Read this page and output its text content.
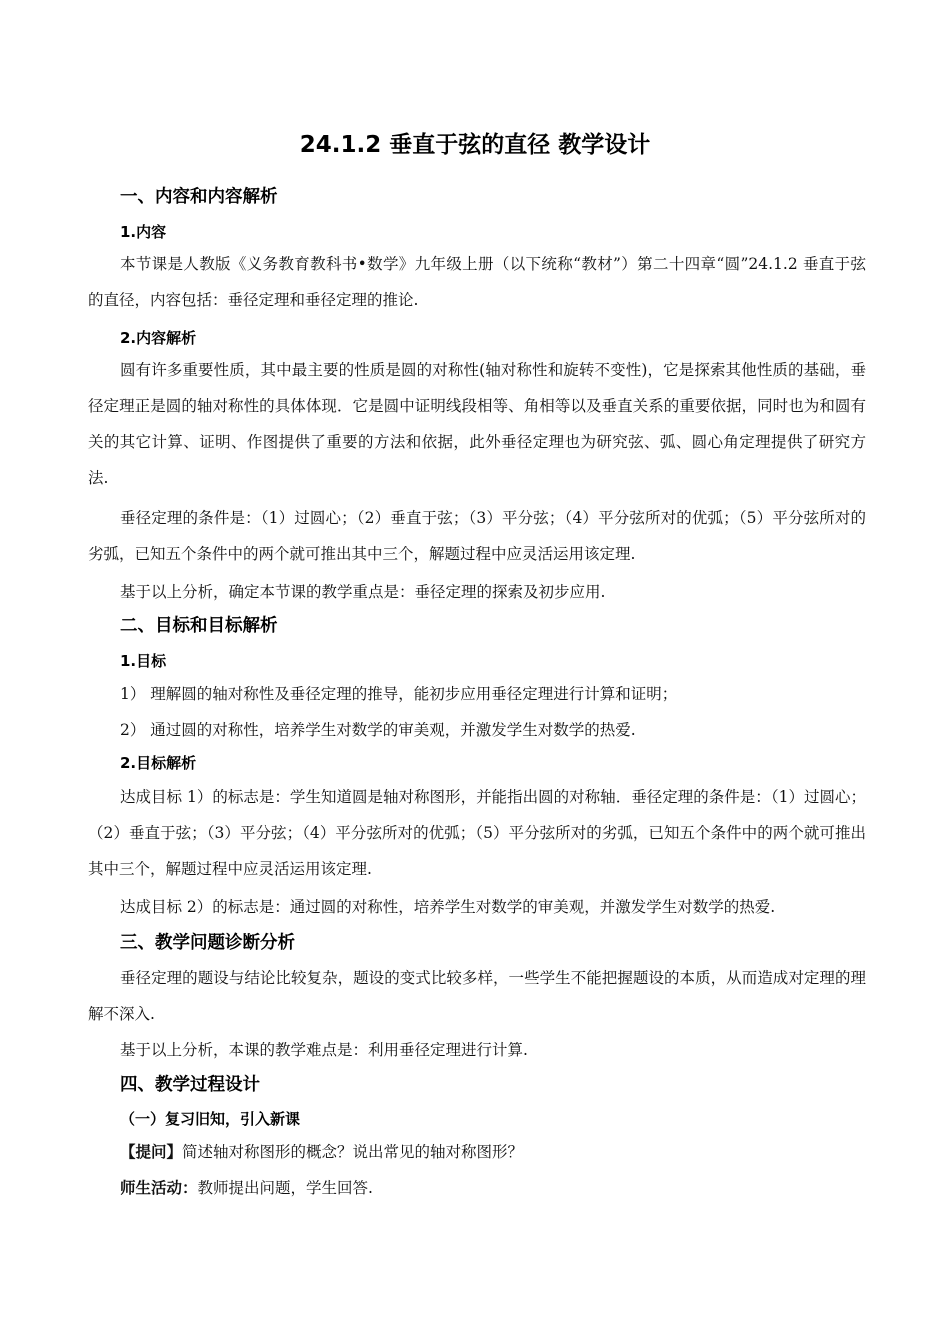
24.1.2 垂直于弦的直径 教学设计
一、内容和内容解析
1.内容
本节课是人教版《义务教育教科书•数学》九年级上册（以下统称“教材”）第二十四章“圆”24.1.2 垂直于弦的直径，内容包括：垂径定理和垂径定理的推论.
2.内容解析
圆有许多重要性质，其中最主要的性质是圆的对称性(轴对称性和旋转不变性)，它是探索其他性质的基础，垂径定理正是圆的轴对称性的具体体现．它是圆中证明线段相等、角相等以及垂直关系的重要依据，同时也为和圆有关的其它计算、证明、作图提供了重要的方法和依据，此外垂径定理也为研究弦、弧、圆心角定理提供了研究方法.
垂径定理的条件是：（1）过圆心；（2）垂直于弦；（3）平分弦；（4）平分弦所对的优弧；（5）平分弦所对的劣弧，已知五个条件中的两个就可推出其中三个，解题过程中应灵活运用该定理.
基于以上分析，确定本节课的教学重点是：垂径定理的探索及初步应用.
二、目标和目标解析
1.目标
1） 理解圆的轴对称性及垂径定理的推导，能初步应用垂径定理进行计算和证明；
2） 通过圆的对称性，培养学生对数学的审美观，并激发学生对数学的热爱.
2.目标解析
达成目标 1）的标志是：学生知道圆是轴对称图形，并能指出圆的对称轴．垂径定理的条件是：（1）过圆心；（2）垂直于弦；（3）平分弦；（4）平分弦所对的优弧；（5）平分弦所对的劣弧，已知五个条件中的两个就可推出其中三个，解题过程中应灵活运用该定理.
达成目标 2）的标志是：通过圆的对称性，培养学生对数学的审美观，并激发学生对数学的热爱.
三、教学问题诊断分析
垂径定理的题设与结论比较复杂，题设的变式比较多样，一些学生不能把握题设的本质，从而造成对定理的理解不深入.
基于以上分析，本课的教学难点是：利用垂径定理进行计算.
四、教学过程设计
（一）复习旧知，引入新课
【提问】简述轴对称图形的概念？说出常见的轴对称图形？
师生活动：教师提出问题，学生回答.
